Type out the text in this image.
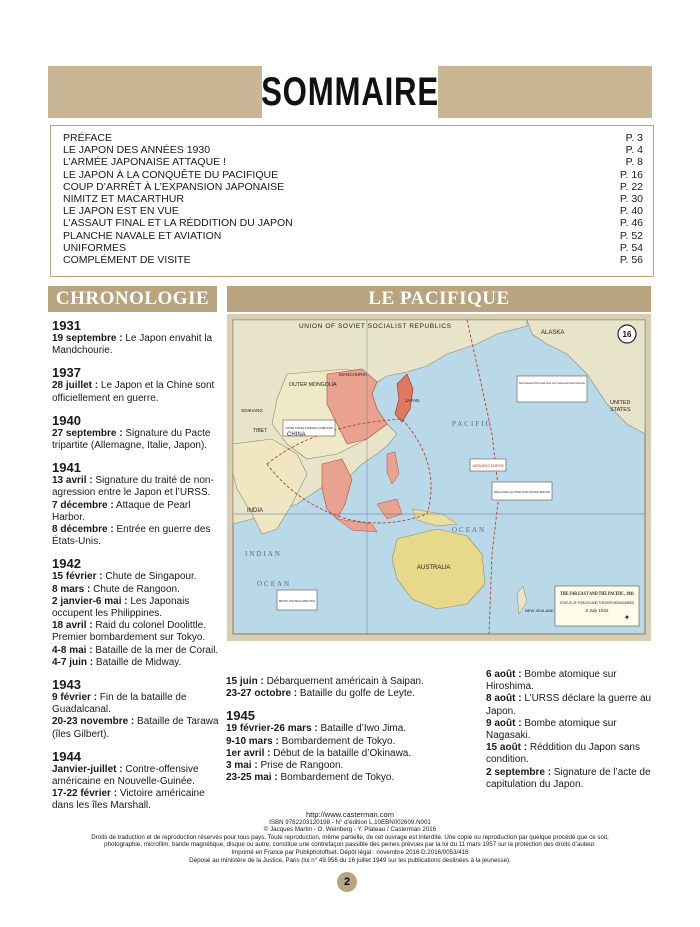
SOMMAIRE
PRÉFACE	P. 3
LE JAPON DES ANNÉES 1930	P. 4
L’ARMÉE JAPONAISE ATTAQUE !	P. 8
LE JAPON À LA CONQUÊTE DU PACIFIQUE	P. 16
COUP D’ARRÊT À L’EXPANSION JAPONAISE	P. 22
NIMITZ ET MACARTHUR	P. 30
LE JAPON EST EN VUE	P. 40
L’ASSAUT FINAL ET LA RÉDDITION DU JAPON	P. 46
PLANCHE NAVALE ET AVIATION	P. 52
UNIFORMES	P. 54
COMPLÉMENT DE VISITE	P. 56
CHRONOLOGIE	LE PACIFIQUE
✦
UNION OF SOVIET SOCIALIST REPUBLICS
16
ALASKA
UNITED
STATES
OUTER MONGOLIA
MANCHURIA
CHINA
TIBET
SINKIANG
JAPAN
PACIFIC
OCEAN
INDIA
INDIAN
OCEAN
AUSTRALIA
NEW ZEALAND
THE FAR EAST AND THE PACIFIC, 1941
STATUS OF FORCES AND THEATER BOUNDARIES
2 July 1942
Pacific Ocean Area (POA) included Central, South, Southeast and Northern Pacific Areas
UNITED STATES STRATEGIC DIRECTION
JAPANESE EMPIRE
ABDA and SWPA under UNITED STATES STRATEGIC DIRECTION
BRITISH STRATEGIC DIRECTION
1931
19 septembre : Le Japon envahit la Mandchourie.
1937
28 juillet : Le Japon et la Chine sont officiellement en guerre.
1940
27 septembre : Signature du Pacte tripartite (Allemagne, Italie, Japon).
1941
13 avril : Signature du traité de non-agression entre le Japon et l’URSS.
7 décembre : Attaque de Pearl Harbor.
8 décembre : Entrée en guerre des États-Unis.
1942
15 février : Chute de Singapour.
8 mars : Chute de Rangoon.
2 janvier-6 mai : Les Japonais occupent les Philippines.
18 avril : Raid du colonel Doolittle. Premier bombardement sur Tokyo.
4-8 mai : Bataille de la mer de Corail.
4-7 juin : Bataille de Midway.
1943
9 février : Fin de la bataille de Guadalcanal.
20-23 novembre : Bataille de Tarawa (îles Gilbert).
1944
Janvier-juillet : Contre-offensive américaine en Nouvelle-Guinée.
17-22 février : Victoire américaine dans les îles Marshall.
15 juin : Débarquement américain à Saipan.
23-27 octobre : Bataille du golfe de Leyte.
1945
19 février-26 mars : Bataille d’Iwo Jima.
9-10 mars : Bombardement de Tokyo.
1er avril : Début de la bataille d’Okinawa.
3 mai : Prise de Rangoon.
23-25 mai : Bombardement de Tokyo.
6 août : Bombe atomique sur Hiroshima.
8 août : L’URSS déclare la guerre au Japon.
9 août : Bombe atomique sur Nagasaki.
15 août : Réddition du Japon sans condition.
2 septembre : Signature de l’acte de capitulation du Japon.
http://www.casterman.com
ISBN 9782203120198 - N° d’édition L.10EBN002609.N001
© Jacques Martin - O. Weinberg - Y. Plateau / Casterman 2016
Droits de traduction et de reproduction réservés pour tous pays. Toute reproduction, même partielle, de cet ouvrage est interdite. Une copie ou reproduction par quelque procédé que ce soit,
photographie, microfilm, bande magnétique, disque ou autre, constitue une contrefaçon passible des peines prévues par la loi du 11 mars 1957 sur la protection des droits d’auteur.
Imprimé en France par Publiphotoffset. Dépôt légal : novembre 2016 D.2016/0053/416
Déposé au ministère de la Justice, Paris (loi n° 49.956 du 16 juillet 1949 sur les publications destinées à la jeunesse).
2
